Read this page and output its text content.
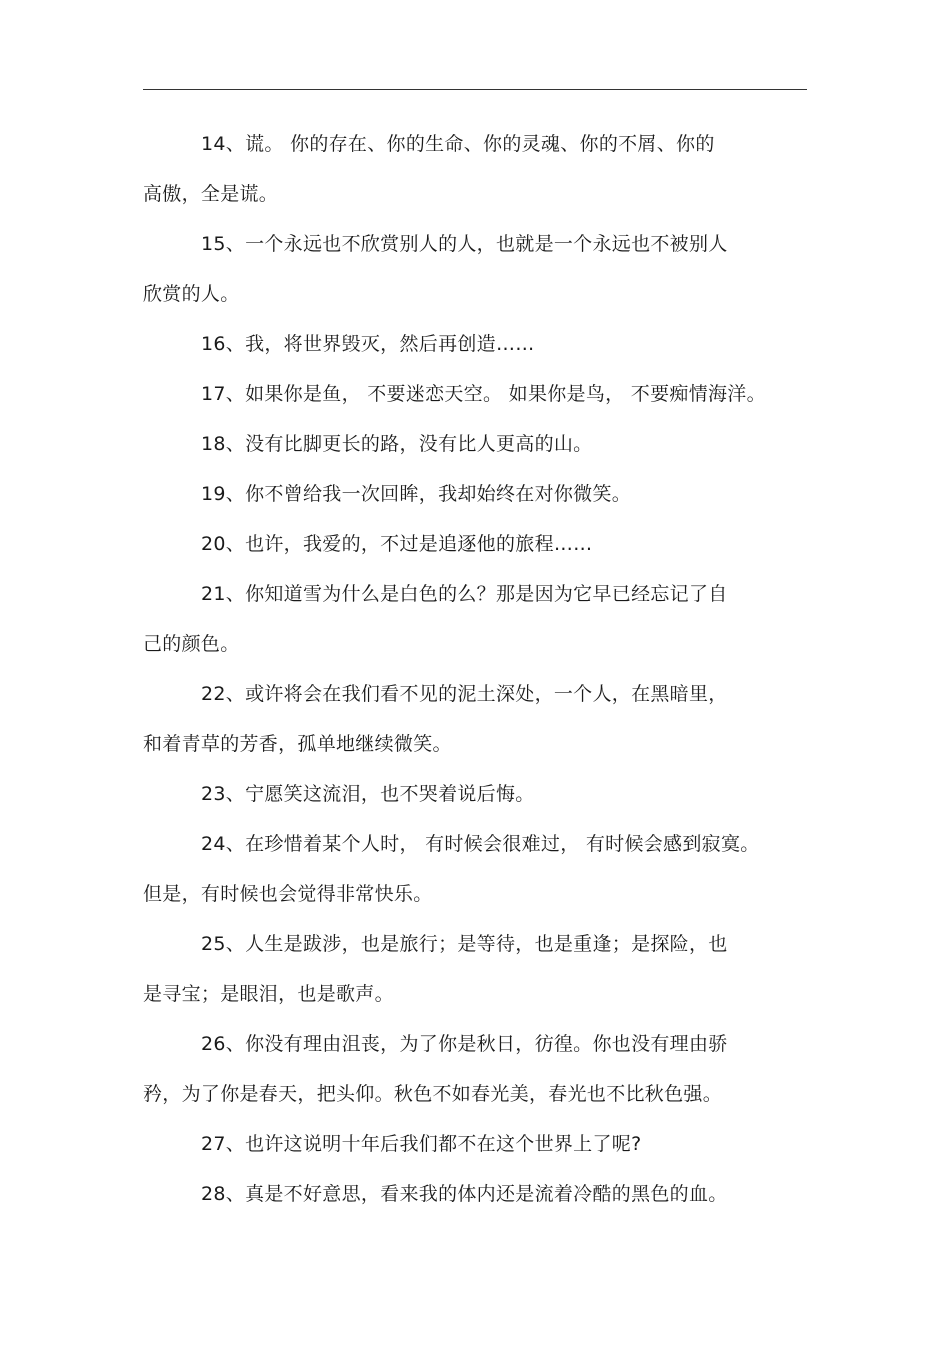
14、谎。 你的存在、你的生命、你的灵魂、你的不屑、你的
高傲，全是谎。
15、一个永远也不欣赏别人的人，也就是一个永远也不被别人
欣赏的人。
16、我，将世界毁灭，然后再创造……
17、如果你是鱼， 不要迷恋天空。 如果你是鸟， 不要痴情海洋。
18、没有比脚更长的路，没有比人更高的山。
19、你不曾给我一次回眸，我却始终在对你微笑。
20、也许，我爱的，不过是追逐他的旅程……
21、你知道雪为什么是白色的么？那是因为它早已经忘记了自
己的颜色。
22、或许将会在我们看不见的泥土深处，一个人，在黑暗里，
和着青草的芳香，孤单地继续微笑。
23、宁愿笑这流泪，也不哭着说后悔。
24、在珍惜着某个人时， 有时候会很难过， 有时候会感到寂寞。
但是，有时候也会觉得非常快乐。
25、人生是跋涉，也是旅行；是等待，也是重逢；是探险，也
是寻宝；是眼泪，也是歌声。
26、你没有理由沮丧，为了你是秋日，彷徨。你也没有理由骄
矜，为了你是春天，把头仰。秋色不如春光美，春光也不比秋色强。
27、也许这说明十年后我们都不在这个世界上了呢?
28、真是不好意思，看来我的体内还是流着冷酷的黑色的血。
